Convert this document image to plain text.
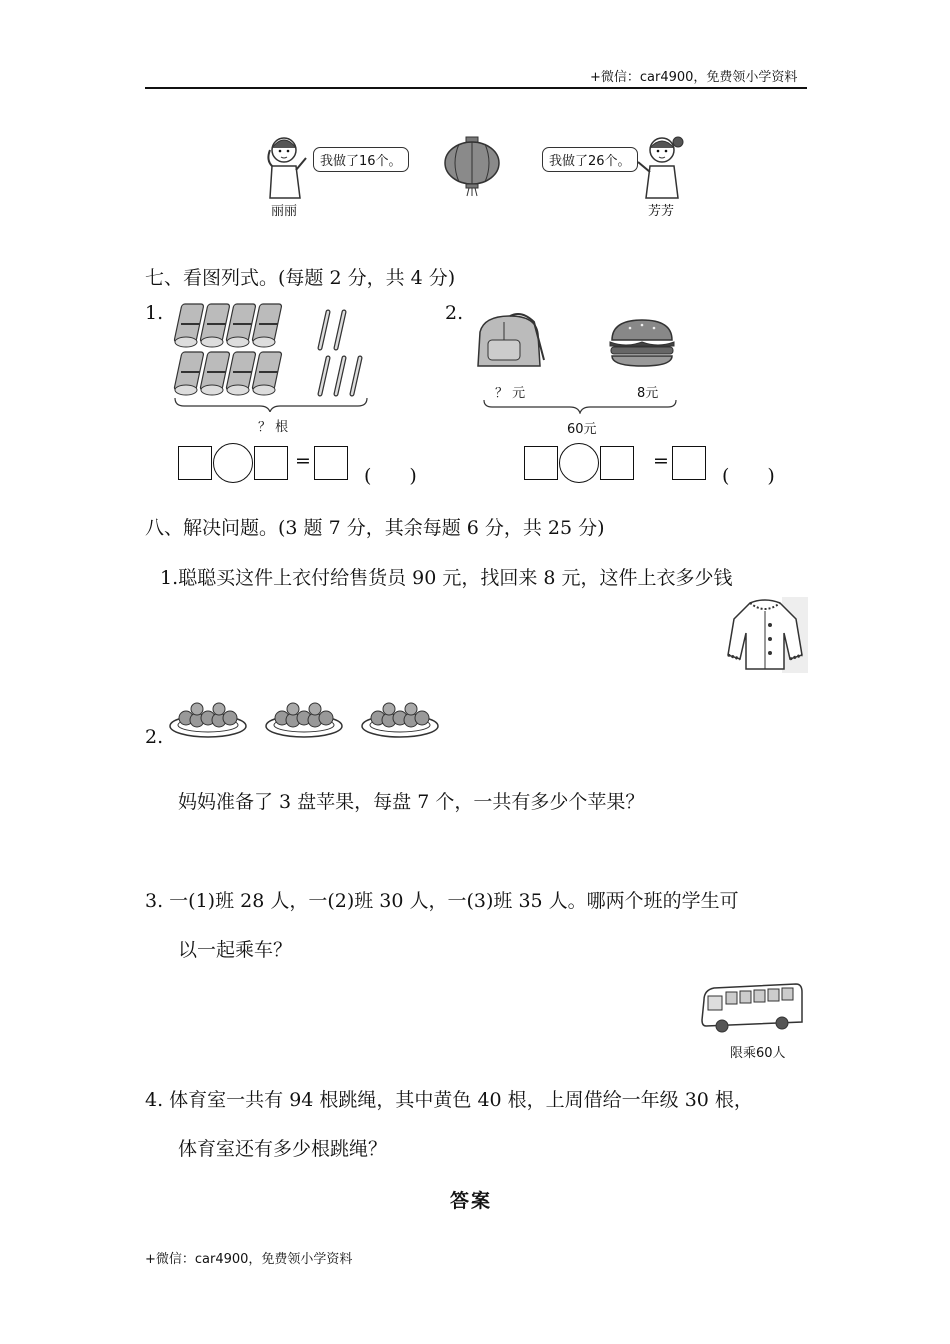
+微信：car4900，免费领小学资料
我做了16个。
丽丽
我做了26个。
芳芳
七、看图列式。(每题 2 分，共 4 分)
1.
？ 根
2.
？ 元	8元
60元
=
(　　)
=
(　　)
八、解决问题。(3 题 7 分，其余每题 6 分，共 25 分)
1.聪聪买这件上衣付给售货员 90 元，找回来 8 元，这件上衣多少钱
2.
妈妈准备了 3 盘苹果，每盘 7 个，一共有多少个苹果？
3. 一(1)班 28 人，一(2)班 30 人，一(3)班 35 人。哪两个班的学生可
以一起乘车？
限乘60人
4. 体育室一共有 94 根跳绳，其中黄色 40 根，上周借给一年级 30 根，
体育室还有多少根跳绳？
答案
+微信：car4900，免费领小学资料
